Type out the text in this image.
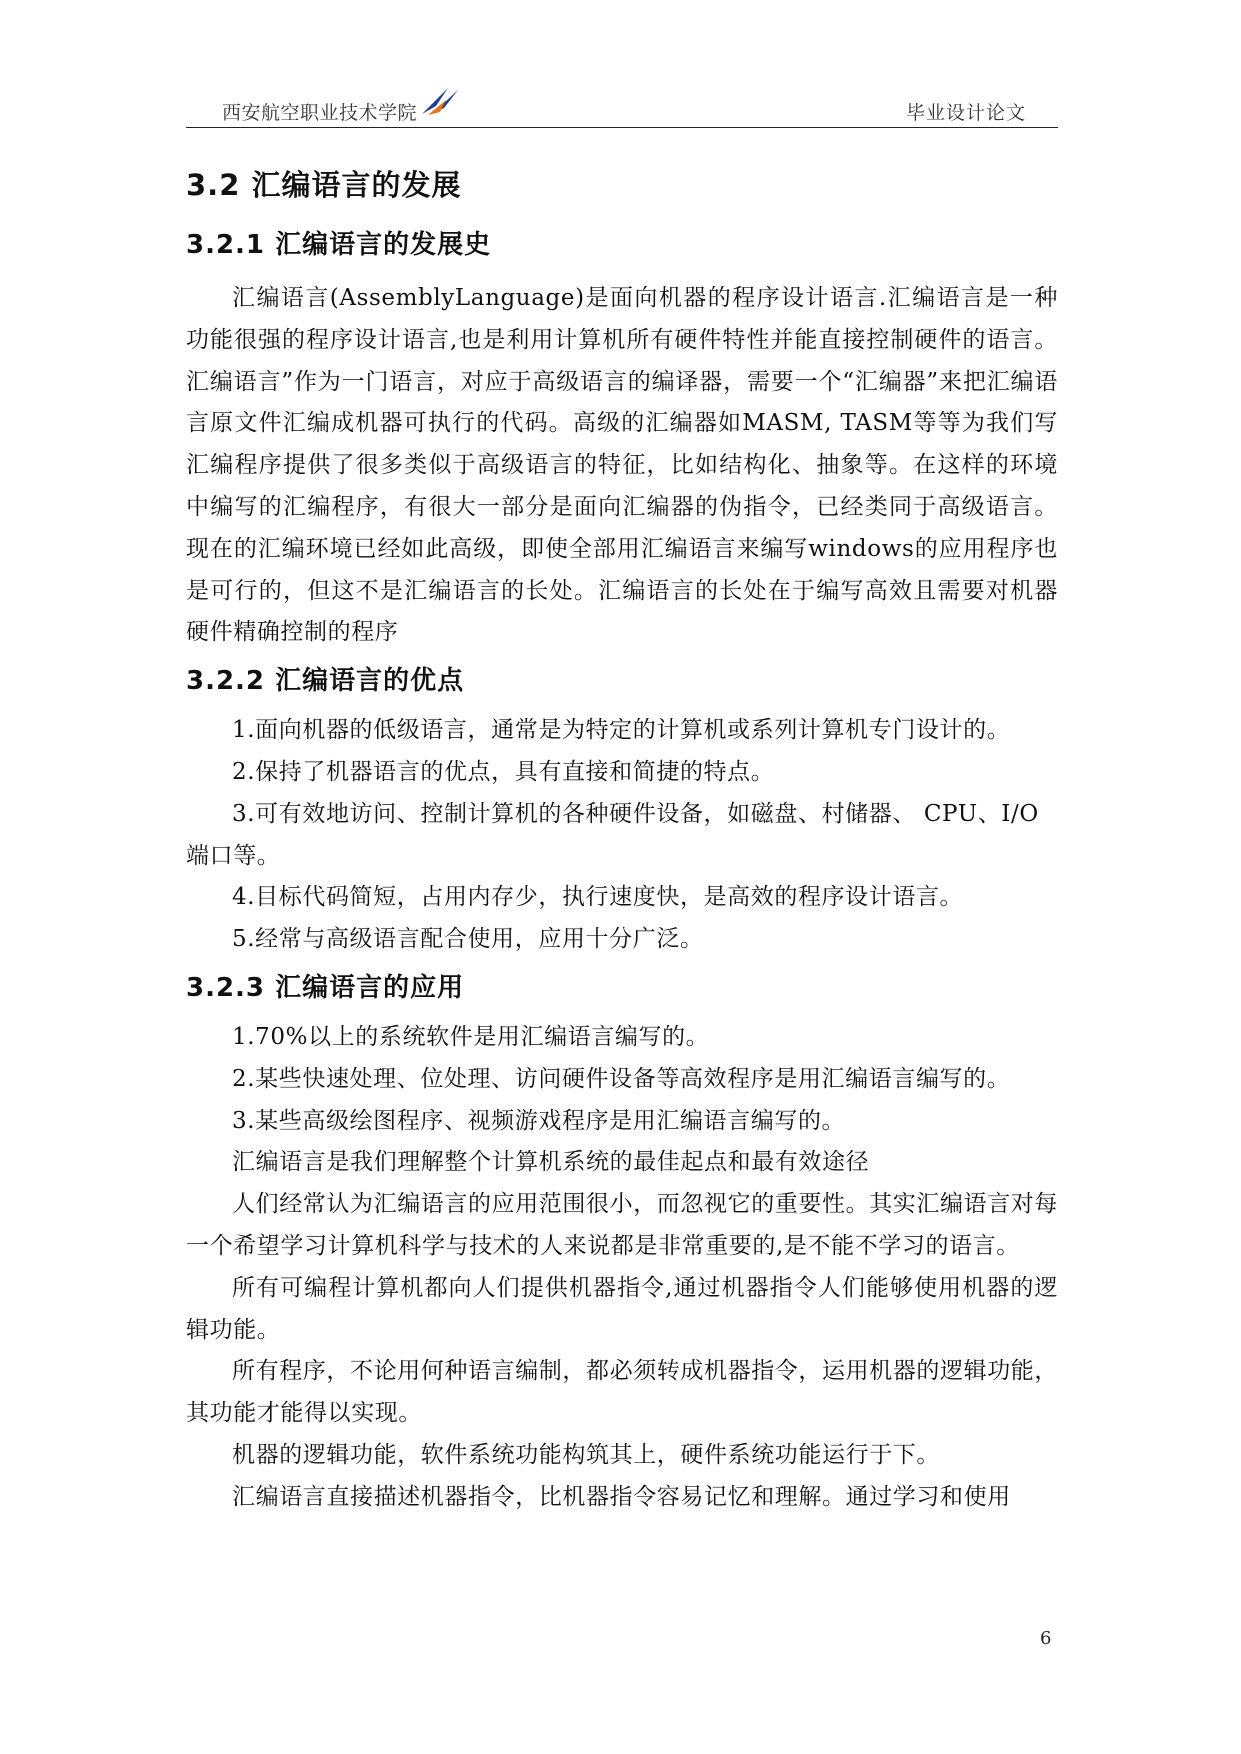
西安航空职业技术学院	毕业设计论文
3.2 汇编语言的发展
3.2.1 汇编语言的发展史

汇编语言(AssemblyLanguage)是面向机器的程序设计语言.汇编语言是一种功能很强的程序设计语言,也是利用计算机所有硬件特性并能直接控制硬件的语言。汇编语言”作为一门语言，对应于高级语言的编译器，需要一个“汇编器”来把汇编语言原文件汇编成机器可执行的代码。高级的汇编器如MASM, TASM等等为我们写汇编程序提供了很多类似于高级语言的特征，比如结构化、抽象等。在这样的环境中编写的汇编程序，有很大一部分是面向汇编器的伪指令，已经类同于高级语言。现在的汇编环境已经如此高级，即使全部用汇编语言来编写windows的应用程序也是可行的，但这不是汇编语言的长处。汇编语言的长处在于编写高效且需要对机器硬件精确控制的程序

3.2.2 汇编语言的优点

1.面向机器的低级语言，通常是为特定的计算机或系列计算机专门设计的。

2.保持了机器语言的优点，具有直接和简捷的特点。

3.可有效地访问、控制计算机的各种硬件设备，如磁盘、村储器、 CPU、I/O端口等。

4.目标代码简短，占用内存少，执行速度快，是高效的程序设计语言。

5.经常与高级语言配合使用，应用十分广泛。

3.2.3 汇编语言的应用

1.70%以上的系统软件是用汇编语言编写的。

2.某些快速处理、位处理、访问硬件设备等高效程序是用汇编语言编写的。

3.某些高级绘图程序、视频游戏程序是用汇编语言编写的。

汇编语言是我们理解整个计算机系统的最佳起点和最有效途径

人们经常认为汇编语言的应用范围很小，而忽视它的重要性。其实汇编语言对每一个希望学习计算机科学与技术的人来说都是非常重要的,是不能不学习的语言。

所有可编程计算机都向人们提供机器指令,通过机器指令人们能够使用机器的逻辑功能。

所有程序，不论用何种语言编制，都必须转成机器指令，运用机器的逻辑功能，其功能才能得以实现。

机器的逻辑功能，软件系统功能构筑其上，硬件系统功能运行于下。

汇编语言直接描述机器指令，比机器指令容易记忆和理解。通过学习和使用

6
